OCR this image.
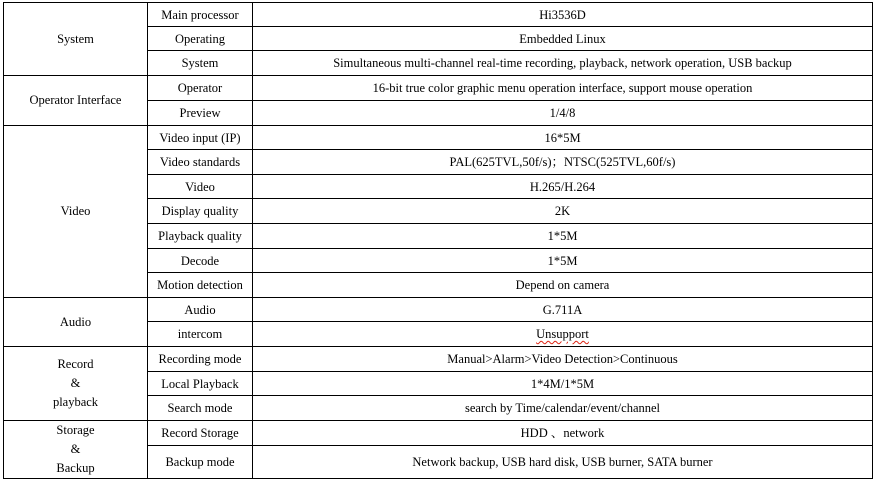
System	Main processor	Hi3536D
	Operating	Embedded Linux
	System	Simultaneous multi-channel real-time recording, playback, network operation, USB backup
Operator Interface	Operator	16-bit true color graphic menu operation interface, support mouse operation
	Preview	1/4/8
Video	Video input (IP)	16*5M
	Video standards	PAL(625TVL,50f/s)；NTSC(525TVL,60f/s)
	Video	H.265/H.264
	Display quality	2K
	Playback quality	1*5M
	Decode	1*5M
	Motion detection	Depend on camera
Audio	Audio	G.711A
	intercom	Unsupport
Record
&
playback	Recording mode	Manual>Alarm>Video Detection>Continuous
	Local Playback	1*4M/1*5M
	Search mode	search by Time/calendar/event/channel
Storage
&
Backup	Record Storage	HDD 、network
	Backup mode	Network backup, USB hard disk, USB burner, SATA burner
